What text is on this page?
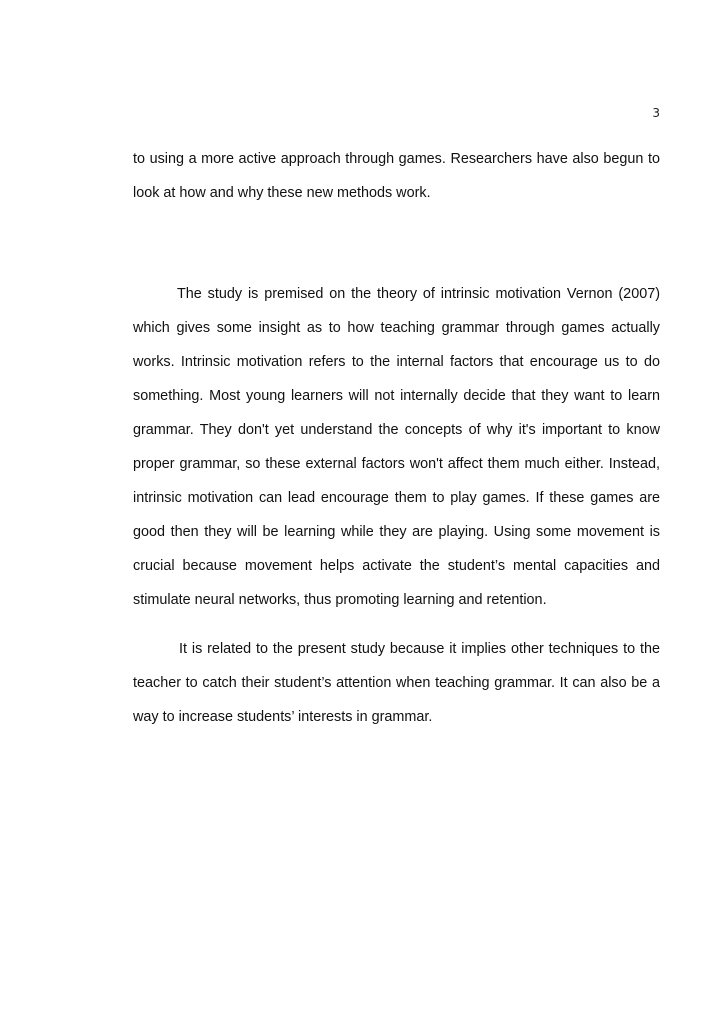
3

to using a more active approach through games. Researchers have also begun to look at how and why these new methods work.

The study is premised on the theory of intrinsic motivation Vernon (2007) which gives some insight as to how teaching grammar through games actually works. Intrinsic motivation refers to the internal factors that encourage us to do something. Most young learners will not internally decide that they want to learn grammar. They don't yet understand the concepts of why it's important to know proper grammar, so these external factors won't affect them much either. Instead, intrinsic motivation can lead encourage them to play games. If these games are good then they will be learning while they are playing. Using some movement is crucial because movement helps activate the student’s mental capacities and stimulate neural networks, thus promoting learning and retention.

It is related to the present study because it implies other techniques to the teacher to catch their student’s attention when teaching grammar. It can also be a way to increase students’ interests in grammar.
